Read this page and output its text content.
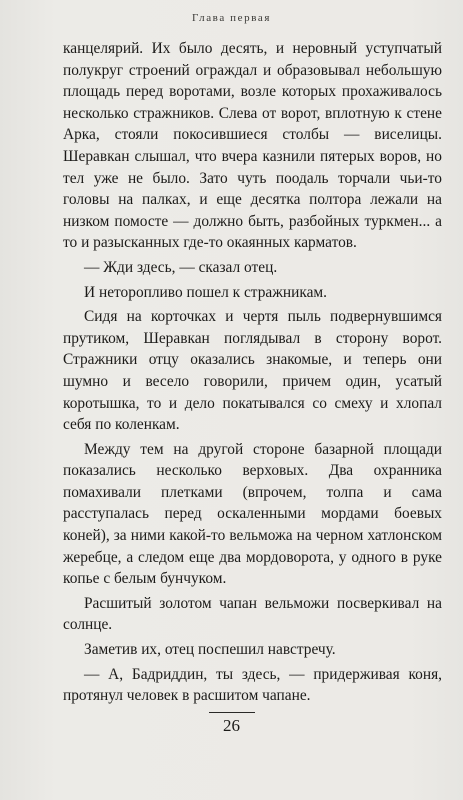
Глава первая

канцелярий. Их было десять, и неровный уступчатый полукруг строений ограждал и образовывал небольшую площадь перед воротами, возле которых прохаживалось несколько стражников. Слева от ворот, вплотную к стене Арка, стояли покосившиеся столбы — виселицы. Шеравкан слышал, что вчера казнили пятерых воров, но тел уже не было. Зато чуть поодаль торчали чьи-то головы на палках, и еще десятка полтора лежали на низком помосте — должно быть, разбойных туркмен... а то и разысканных где-то окаянных карматов.

— Жди здесь, — сказал отец.

И неторопливо пошел к стражникам.

Сидя на корточках и чертя пыль подвернувшимся прутиком, Шеравкан поглядывал в сторону ворот. Стражники отцу оказались знакомые, и теперь они шумно и весело говорили, причем один, усатый коротышка, то и дело покатывался со смеху и хлопал себя по коленкам.

Между тем на другой стороне базарной площади показались несколько верховых. Два охранника помахивали плетками (впрочем, толпа и сама расступалась перед оскаленными мордами боевых коней), за ними какой-то вельможа на черном хатлонском жеребце, а следом еще два мордоворота, у одного в руке копье с белым бунчуком.

Расшитый золотом чапан вельможи посверкивал на солнце.

Заметив их, отец поспешил навстречу.

— А, Бадриддин, ты здесь, — придерживая коня, протянул человек в расшитом чапане.

26
